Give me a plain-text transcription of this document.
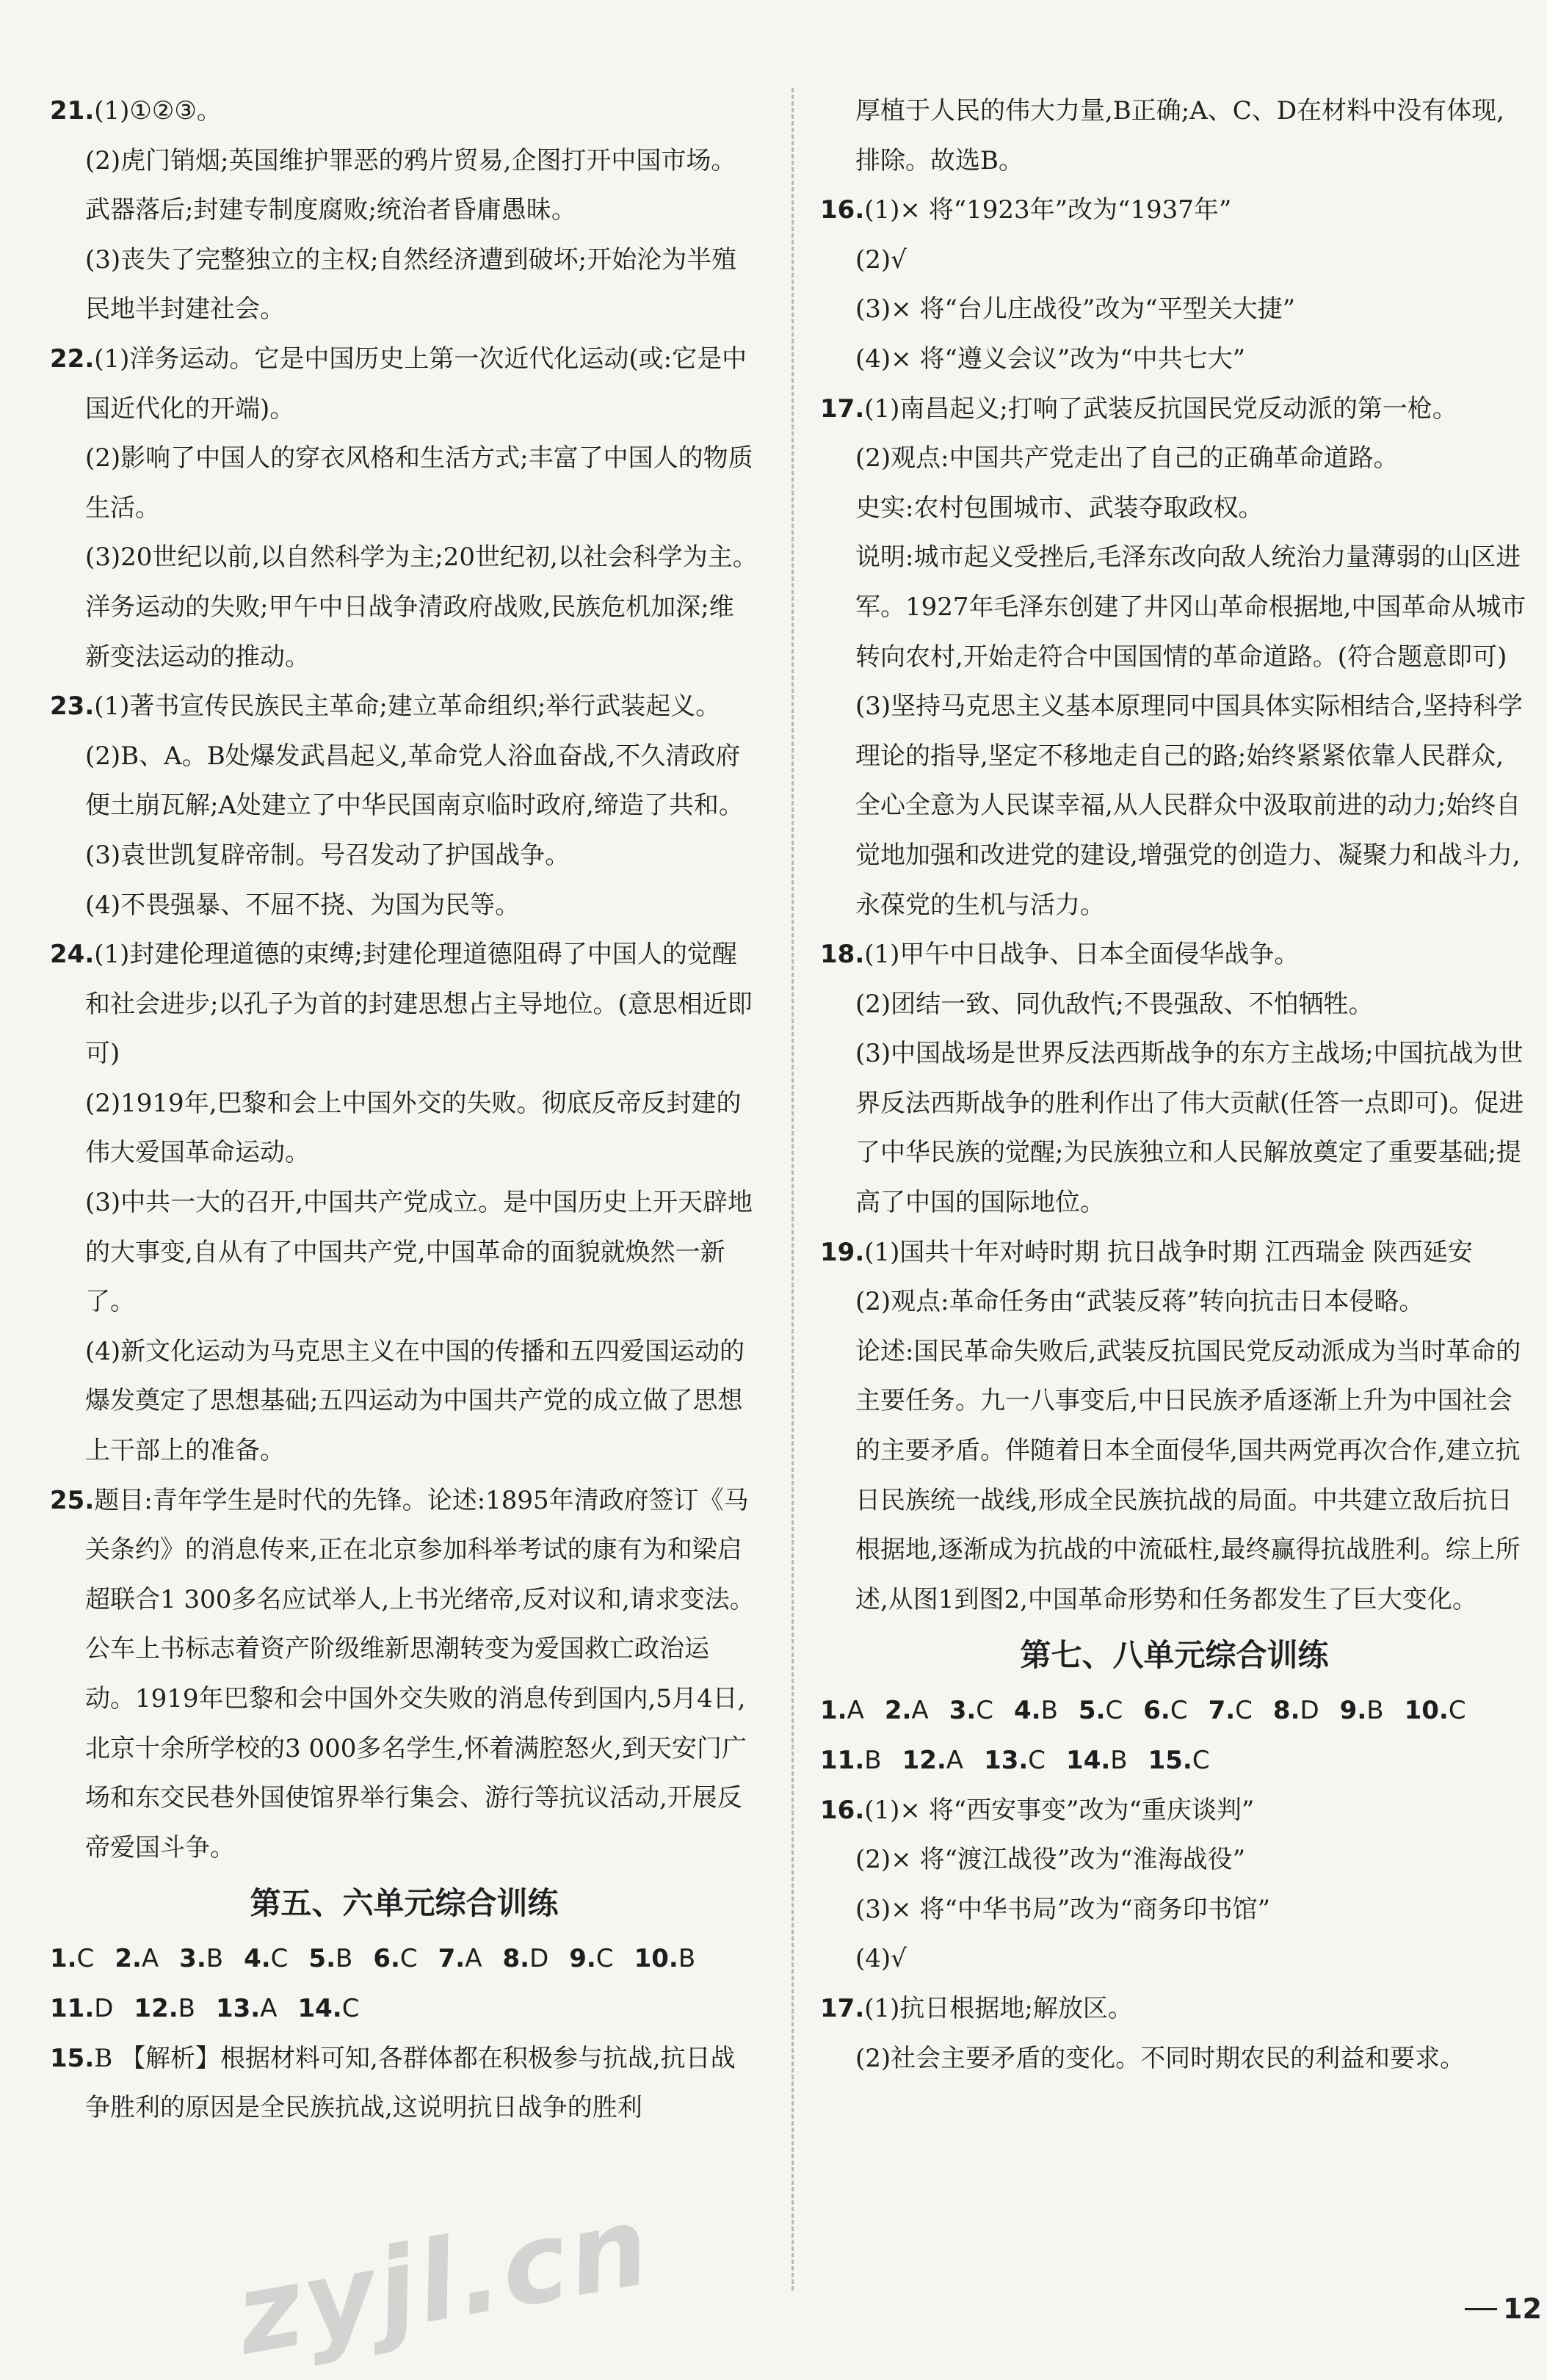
21.(1)①②③。

(2)虎门销烟;英国维护罪恶的鸦片贸易,企图打开中国市场。武器落后;封建专制度腐败;统治者昏庸愚昧。

(3)丧失了完整独立的主权;自然经济遭到破坏;开始沦为半殖民地半封建社会。

22.(1)洋务运动。它是中国历史上第一次近代化运动(或:它是中国近代化的开端)。

(2)影响了中国人的穿衣风格和生活方式;丰富了中国人的物质生活。

(3)20世纪以前,以自然科学为主;20世纪初,以社会科学为主。洋务运动的失败;甲午中日战争清政府战败,民族危机加深;维新变法运动的推动。

23.(1)著书宣传民族民主革命;建立革命组织;举行武装起义。

(2)B、A。B处爆发武昌起义,革命党人浴血奋战,不久清政府便土崩瓦解;A处建立了中华民国南京临时政府,缔造了共和。

(3)袁世凯复辟帝制。号召发动了护国战争。

(4)不畏强暴、不屈不挠、为国为民等。

24.(1)封建伦理道德的束缚;封建伦理道德阻碍了中国人的觉醒和社会进步;以孔子为首的封建思想占主导地位。(意思相近即可)

(2)1919年,巴黎和会上中国外交的失败。彻底反帝反封建的伟大爱国革命运动。

(3)中共一大的召开,中国共产党成立。是中国历史上开天辟地的大事变,自从有了中国共产党,中国革命的面貌就焕然一新了。

(4)新文化运动为马克思主义在中国的传播和五四爱国运动的爆发奠定了思想基础;五四运动为中国共产党的成立做了思想上干部上的准备。

25.题目:青年学生是时代的先锋。论述:1895年清政府签订《马关条约》的消息传来,正在北京参加科举考试的康有为和梁启超联合1 300多名应试举人,上书光绪帝,反对议和,请求变法。公车上书标志着资产阶级维新思潮转变为爱国救亡政治运动。1919年巴黎和会中国外交失败的消息传到国内,5月4日,北京十余所学校的3 000多名学生,怀着满腔怒火,到天安门广场和东交民巷外国使馆界举行集会、游行等抗议活动,开展反帝爱国斗争。

第五、六单元综合训练
1.C 2.A 3.B 4.C 5.B 6.C 7.A 8.D 9.C 10.B
11.D 12.B 13.A 14.C

15.B 【解析】根据材料可知,各群体都在积极参与抗战,抗日战争胜利的原因是全民族抗战,这说明抗日战争的胜利

厚植于人民的伟大力量,B正确;A、C、D在材料中没有体现,排除。故选B。

16.(1)× 将“1923年”改为“1937年”

(2)√

(3)× 将“台儿庄战役”改为“平型关大捷”

(4)× 将“遵义会议”改为“中共七大”

17.(1)南昌起义;打响了武装反抗国民党反动派的第一枪。

(2)观点:中国共产党走出了自己的正确革命道路。

史实:农村包围城市、武装夺取政权。

说明:城市起义受挫后,毛泽东改向敌人统治力量薄弱的山区进军。1927年毛泽东创建了井冈山革命根据地,中国革命从城市转向农村,开始走符合中国国情的革命道路。(符合题意即可)

(3)坚持马克思主义基本原理同中国具体实际相结合,坚持科学理论的指导,坚定不移地走自己的路;始终紧紧依靠人民群众,全心全意为人民谋幸福,从人民群众中汲取前进的动力;始终自觉地加强和改进党的建设,增强党的创造力、凝聚力和战斗力,永葆党的生机与活力。

18.(1)甲午中日战争、日本全面侵华战争。

(2)团结一致、同仇敌忾;不畏强敌、不怕牺牲。

(3)中国战场是世界反法西斯战争的东方主战场;中国抗战为世界反法西斯战争的胜利作出了伟大贡献(任答一点即可)。促进了中华民族的觉醒;为民族独立和人民解放奠定了重要基础;提高了中国的国际地位。

19.(1)国共十年对峙时期 抗日战争时期 江西瑞金 陕西延安

(2)观点:革命任务由“武装反蒋”转向抗击日本侵略。

论述:国民革命失败后,武装反抗国民党反动派成为当时革命的主要任务。九一八事变后,中日民族矛盾逐渐上升为中国社会的主要矛盾。伴随着日本全面侵华,国共两党再次合作,建立抗日民族统一战线,形成全民族抗战的局面。中共建立敌后抗日根据地,逐渐成为抗战的中流砥柱,最终赢得抗战胜利。综上所述,从图1到图2,中国革命形势和任务都发生了巨大变化。

第七、八单元综合训练
1.A 2.A 3.C 4.B 5.C 6.C 7.C 8.D 9.B 10.C
11.B 12.A 13.C 14.B 15.C

16.(1)× 将“西安事变”改为“重庆谈判”

(2)× 将“渡江战役”改为“淮海战役”

(3)× 将“中华书局”改为“商务印书馆”

(4)√

17.(1)抗日根据地;解放区。

(2)社会主要矛盾的变化。不同时期农民的利益和要求。

zyjl.cn	12
